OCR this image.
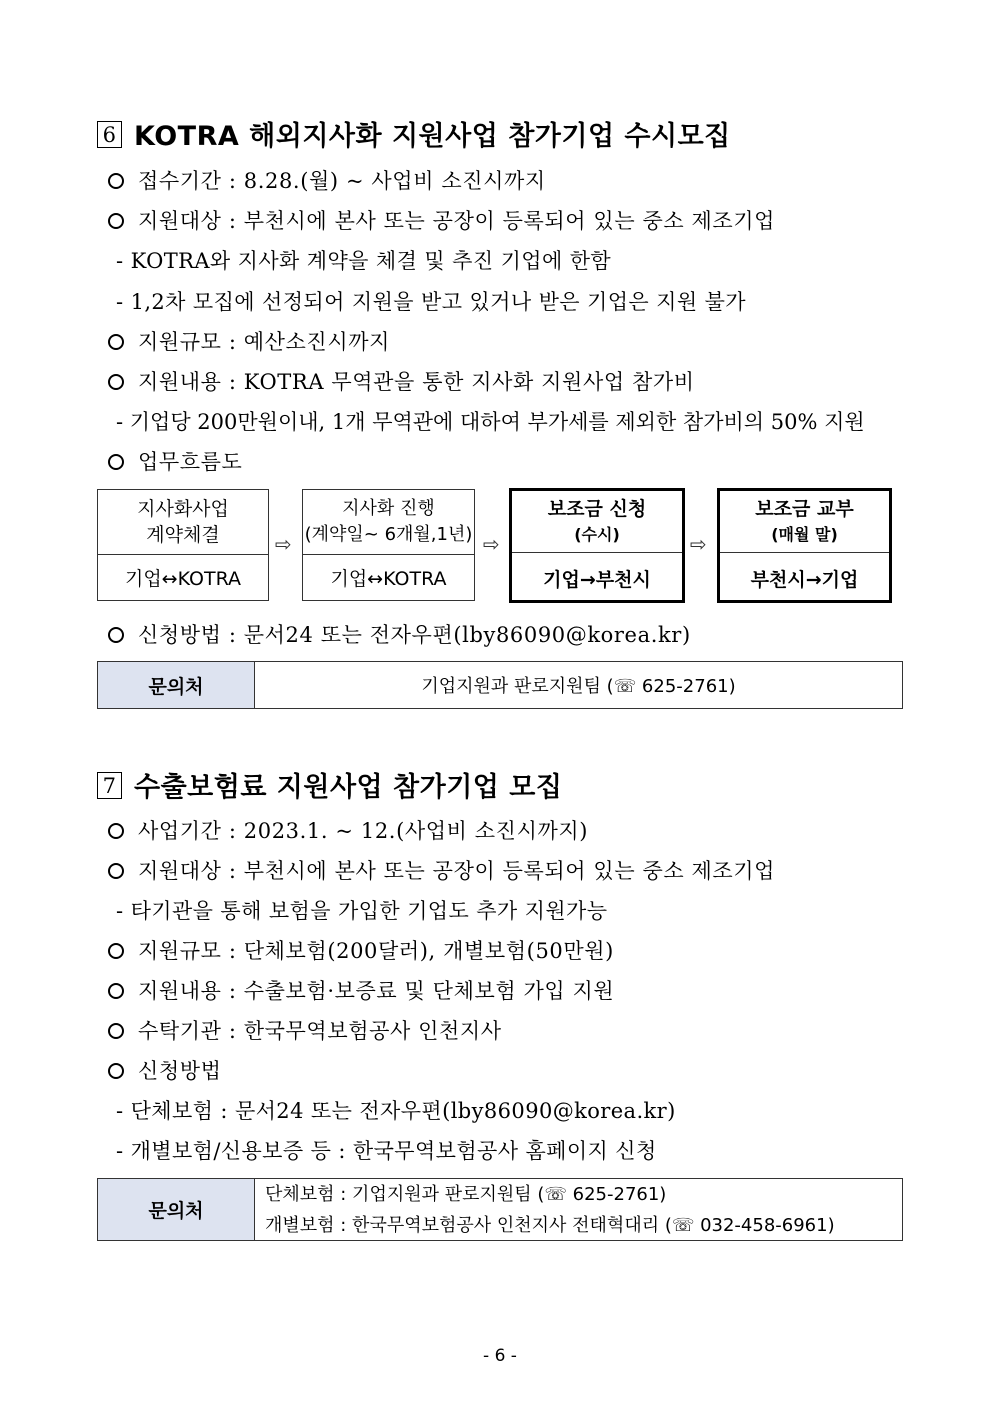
6 KOTRA 해외지사화 지원사업 참가기업 수시모집
접수기간 : 8.28.(월) ~ 사업비 소진시까지
지원대상 : 부천시에 본사 또는 공장이 등록되어 있는 중소 제조기업
- KOTRA와 지사화 계약을 체결 및 추진 기업에 한함
- 1,2차 모집에 선정되어 지원을 받고 있거나 받은 기업은 지원 불가
지원규모 : 예산소진시까지
지원내용 : KOTRA 무역관을 통한 지사화 지원사업 참가비
- 기업당 200만원이내, 1개 무역관에 대하여 부가세를 제외한 참가비의 50% 지원
업무흐름도
지사화사업
계약체결
기업↔KOTRA
⇨
지사화 진행
(계약일~ 6개월,1년)
기업↔KOTRA
⇨
보조금 신청
(수시)
기업→부천시
⇨
보조금 교부
(매월 말)
부천시→기업
신청방법 : 문서24 또는 전자우편(lby86090@korea.kr)
문의처	기업지원과 판로지원팀 (☏ 625-2761)
7 수출보험료 지원사업 참가기업 모집
사업기간 : 2023.1. ~ 12.(사업비 소진시까지)
지원대상 : 부천시에 본사 또는 공장이 등록되어 있는 중소 제조기업
- 타기관을 통해 보험을 가입한 기업도 추가 지원가능
지원규모 : 단체보험(200달러), 개별보험(50만원)
지원내용 : 수출보험·보증료 및 단체보험 가입 지원
수탁기관 : 한국무역보험공사 인천지사
신청방법
- 단체보험 : 문서24 또는 전자우편(lby86090@korea.kr)
- 개별보험/신용보증 등 : 한국무역보험공사 홈페이지 신청
문의처
단체보험 : 기업지원과 판로지원팀 (☏ 625-2761)
개별보험 : 한국무역보험공사 인천지사 전태혁대리 (☏ 032-458-6961)
- 6 -
